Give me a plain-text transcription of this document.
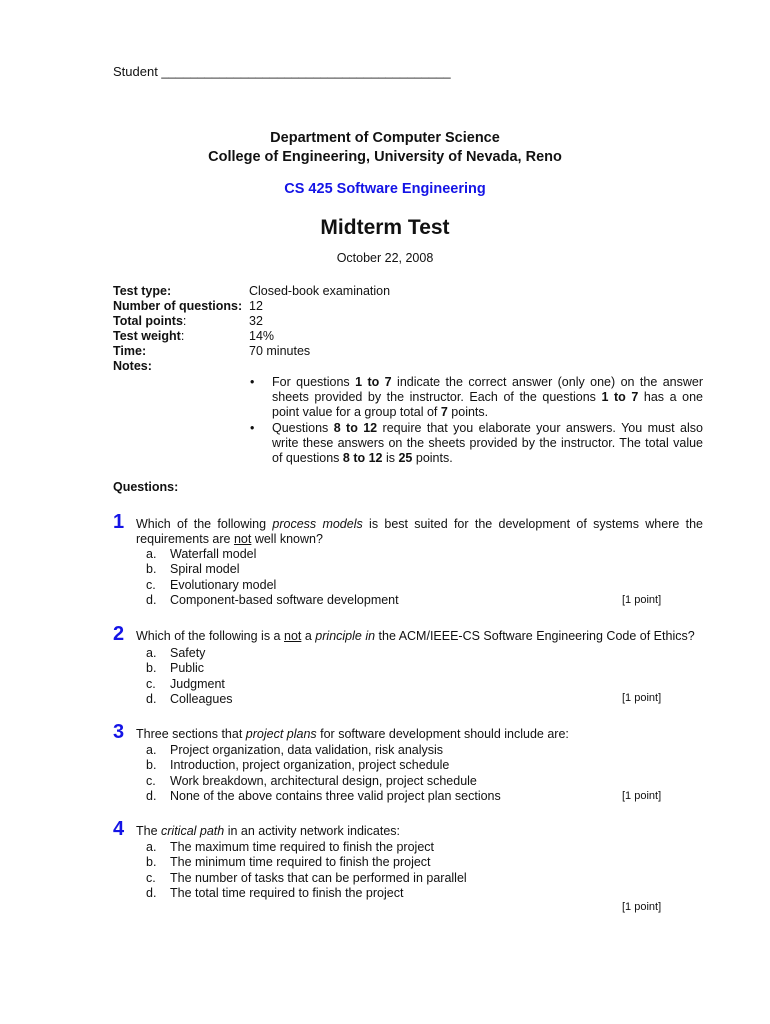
Student ________________________________________
Department of Computer Science
College of Engineering, University of Nevada, Reno
CS 425 Software Engineering
Midterm Test
October 22, 2008
Test type:	Closed-book examination
Number of questions: 12
Total points:	32
Test weight:	14%
Time:	70 minutes
Notes:
• For questions 1 to 7 indicate the correct answer (only one) on the answer sheets provided by the instructor. Each of the questions 1 to 7 has a one point value for a group total of 7 points.
• Questions 8 to 12 require that you elaborate your answers. You must also write these answers on the sheets provided by the instructor. The total value of questions 8 to 12 is 25 points.
Questions:
1 Which of the following process models is best suited for the development of systems where the requirements are not well known?
a. Waterfall model
b. Spiral model
c. Evolutionary model
d. Component-based software development	[1 point]
2 Which of the following is a not a principle in the ACM/IEEE-CS Software Engineering Code of Ethics?
a. Safety
b. Public
c. Judgment
d. Colleagues	[1 point]
3 Three sections that project plans for software development should include are:
a. Project organization, data validation, risk analysis
b. Introduction, project organization, project schedule
c. Work breakdown, architectural design, project schedule
d. None of the above contains three valid project plan sections	[1 point]
4 The critical path in an activity network indicates:
a. The maximum time required to finish the project
b. The minimum time required to finish the project
c. The number of tasks that can be performed in parallel
d. The total time required to finish the project
[1 point]
